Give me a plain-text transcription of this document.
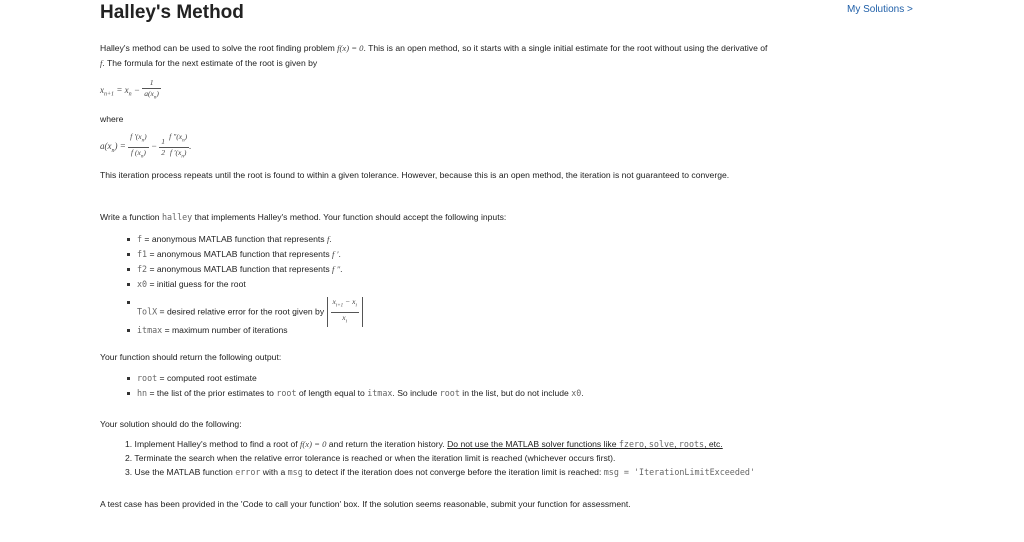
Halley's Method	My Solutions >
Halley's method can be used to solve the root finding problem f(x) = 0. This is an open method, so it starts with a single initial estimate for the root without using the derivative of
f. The formula for the next estimate of the root is given by
$x_{n+1} = x_n - \frac{1}{a(x_n)}$
where
$a(x_n) = \frac{f '(x_n)}{f (x_n)} - \frac{1}{2} \frac{f ''(x_n)}{f '(x_n)}$ .
This iteration process repeats until the root is found to within a given tolerance. However, because this is an open method, the iteration is not guaranteed to converge.
Write a function halley that implements Halley's method. Your function should accept the following inputs:
f = anonymous MATLAB function that represents f.
f1 = anonymous MATLAB function that represents f ′.
f2 = anonymous MATLAB function that represents f ″.
x0 = initial guess for the root
TolX = desired relative error for the root given by $\frac{x_{i+1} - x_i}{x_i}$
itmax = maximum number of iterations
Your function should return the following output:
root = computed root estimate
hn = the list of the prior estimates to root of length equal to itmax. So include root in the list, but do not include x0.
Your solution should do the following:
1. Implement Halley's method to find a root of f(x) = 0 and return the iteration history. Do not use the MATLAB solver functions like fzero, solve, roots, etc.
2. Terminate the search when the relative error tolerance is reached or when the iteration limit is reached (whichever occurs first).
3. Use the MATLAB function error with a msg to detect if the iteration does not converge before the iteration limit is reached: msg = 'IterationLimitExceeded'
A test case has been provided in the 'Code to call your function' box. If the solution seems reasonable, submit your function for assessment.
